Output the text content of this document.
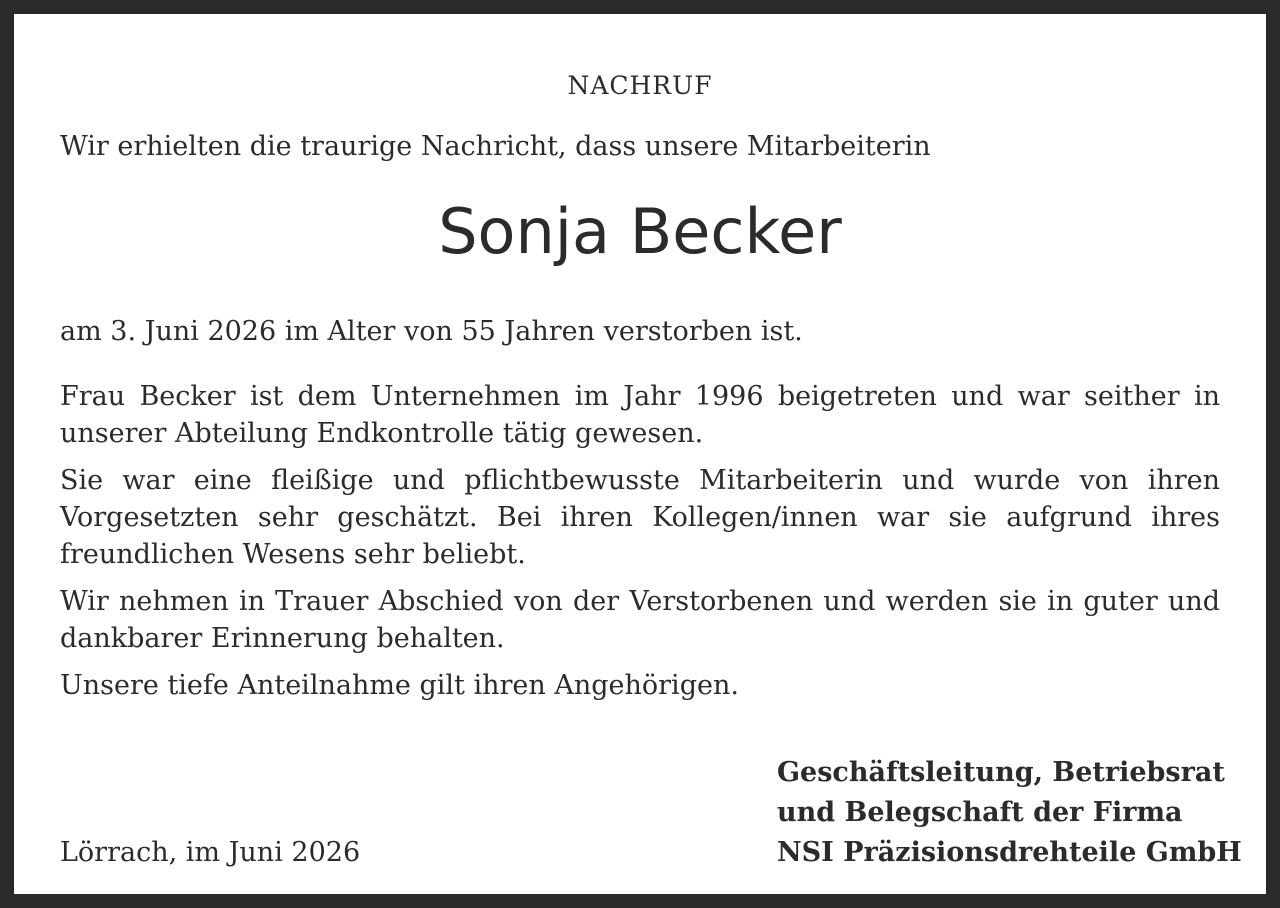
NACHRUF
Wir erhielten die traurige Nachricht, dass unsere Mitarbeiterin
Sonja Becker
am 3. Juni 2026 im Alter von 55 Jahren verstorben ist.

Frau Becker ist dem Unternehmen im Jahr 1996 beigetreten und war seither in unserer Abteilung Endkontrolle tätig gewesen.

Sie war eine fleißige und pflichtbewusste Mitarbeiterin und wurde von ihren Vorgesetzten sehr geschätzt. Bei ihren Kollegen/innen war sie aufgrund ihres freundlichen Wesens sehr beliebt.

Wir nehmen in Trauer Abschied von der Verstorbenen und werden sie in guter und dankbarer Erinnerung behalten.

Unsere tiefe Anteilnahme gilt ihren Angehörigen.

Geschäftsleitung, Betriebsrat
und Belegschaft der Firma
NSI Präzisionsdrehteile GmbH
Lörrach, im Juni 2026
